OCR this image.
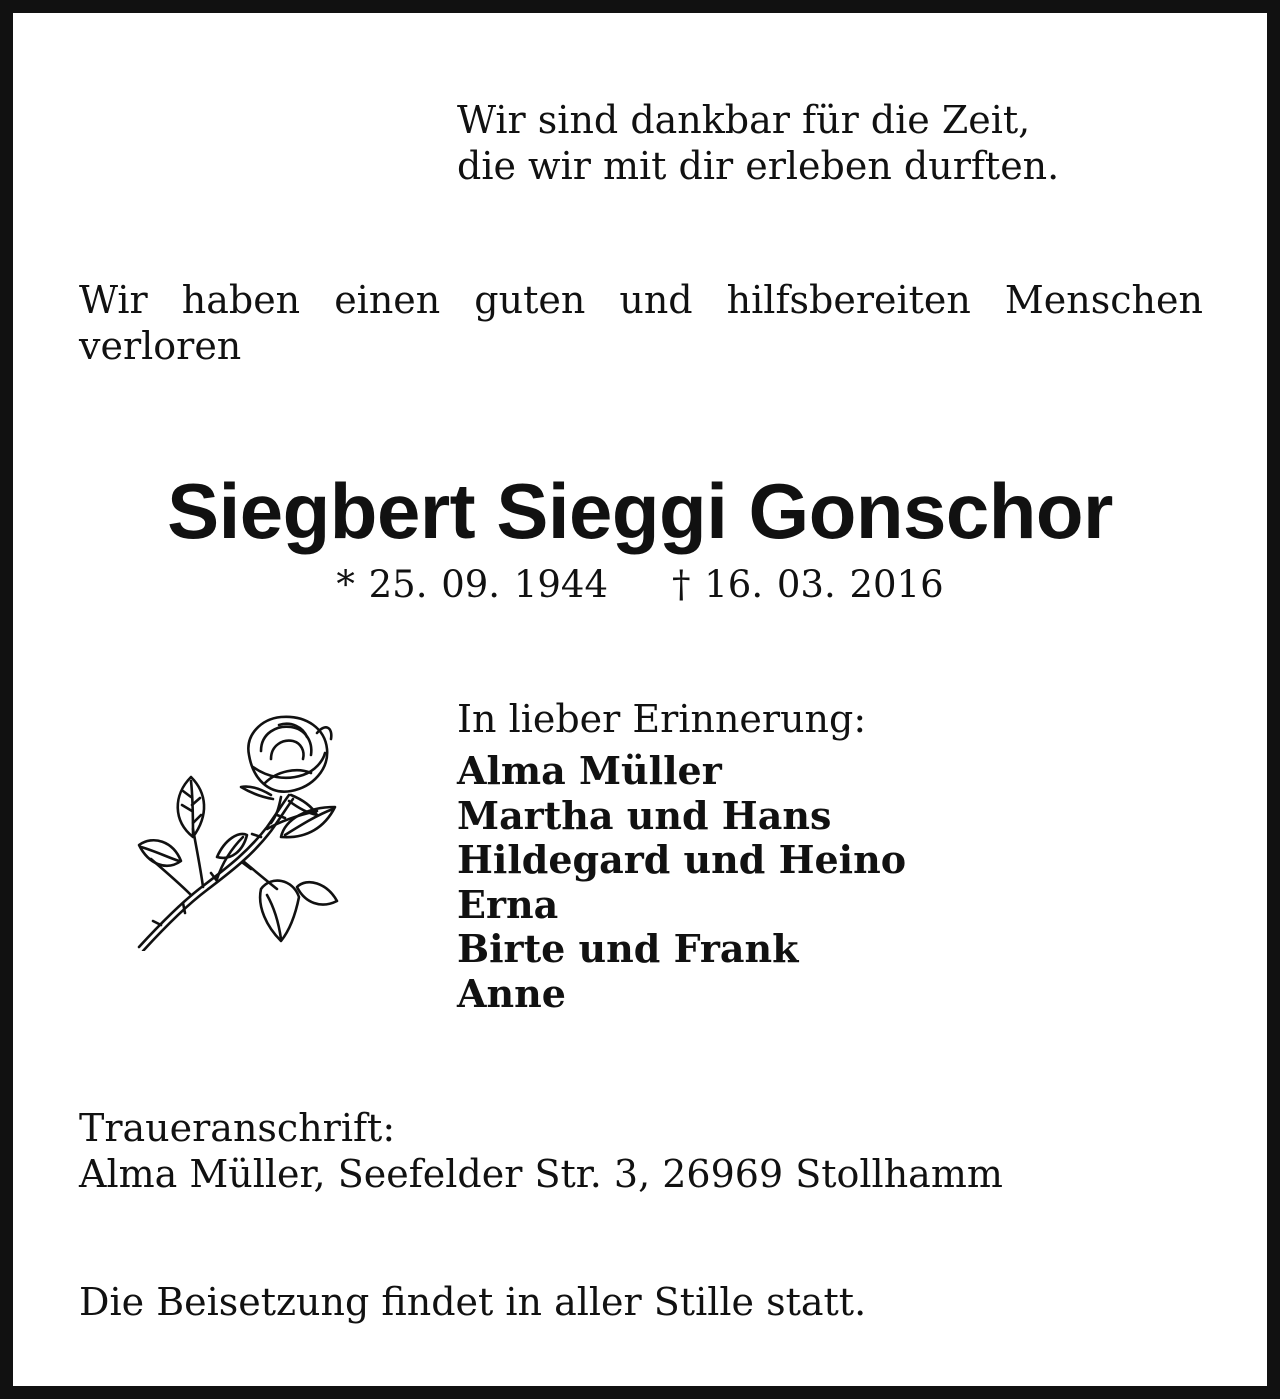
Wir sind dankbar für die Zeit,
die wir mit dir erleben durften.
Wir haben einen guten und hilfsbereiten Menschen
verloren
Siegbert Sieggi Gonschor
* 25. 09. 1944 † 16. 03. 2016
In lieber Erinnerung:
Alma Müller
Martha und Hans
Hildegard und Heino
Erna
Birte und Frank
Anne
Traueranschrift:
Alma Müller, Seefelder Str. 3, 26969 Stollhamm
Die Beisetzung findet in aller Stille statt.
